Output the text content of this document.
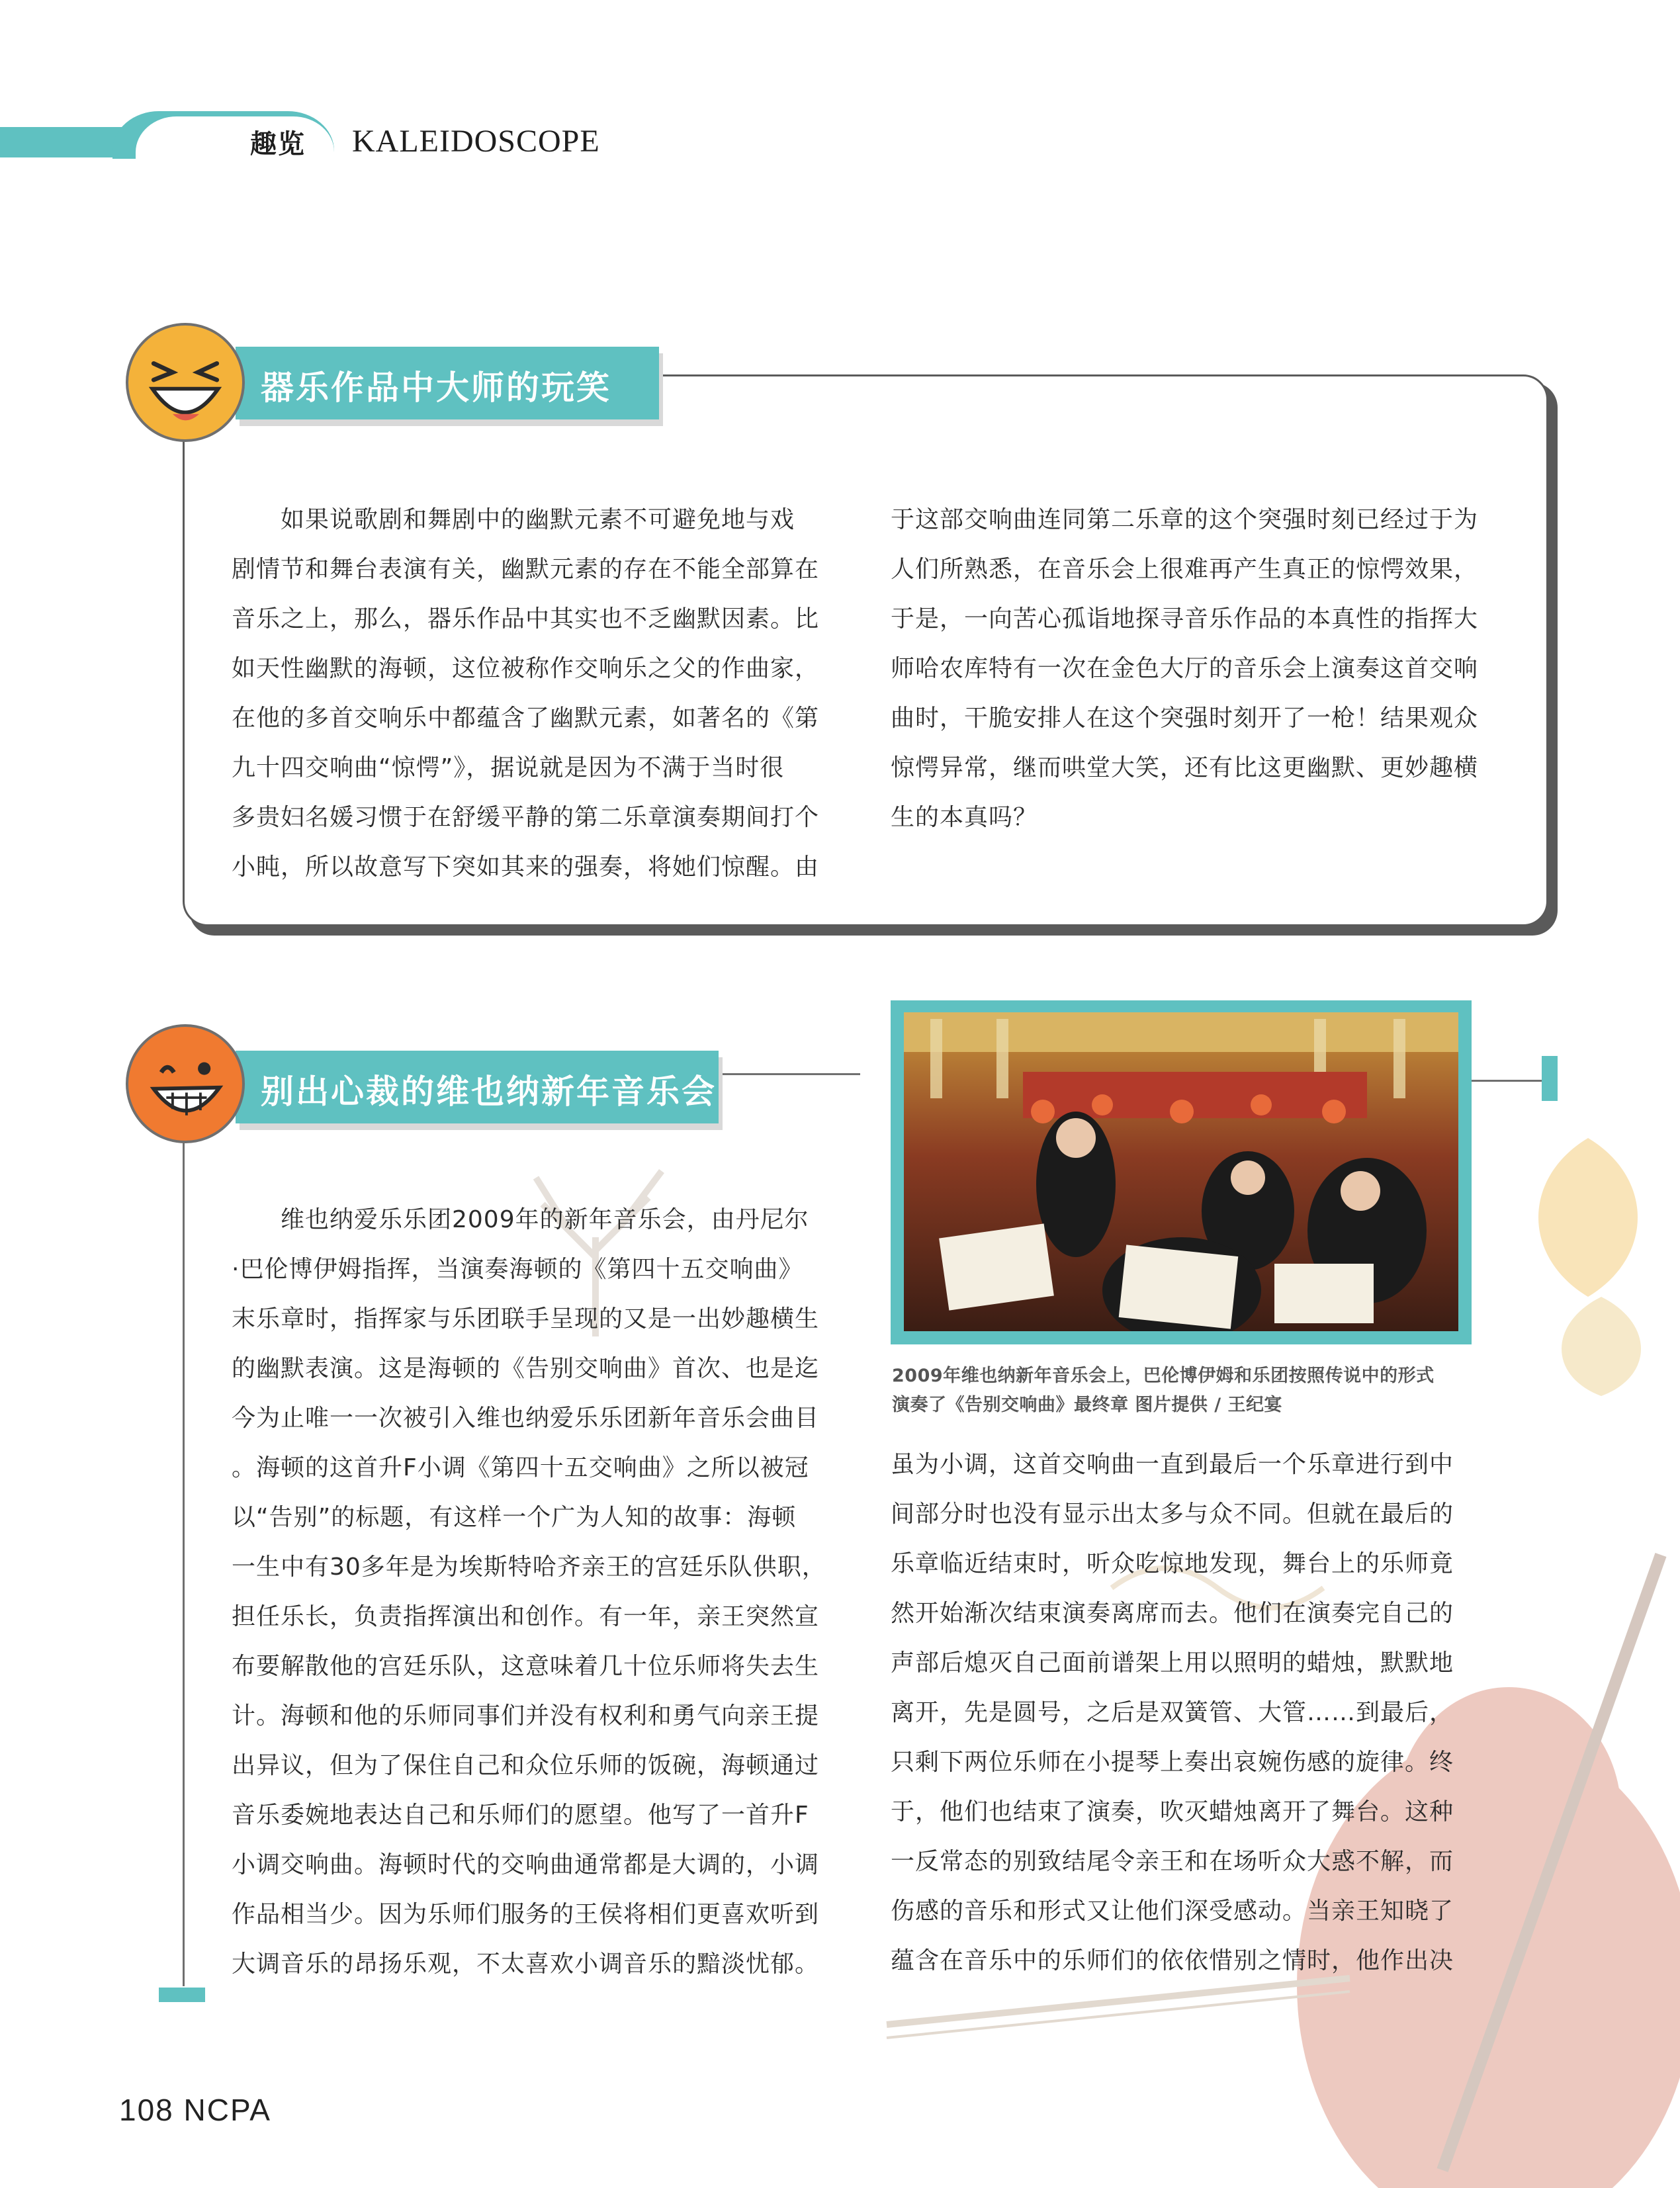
趣览 KALEIDOSCOPE
器乐作品中大师的玩笑

　　如果说歌剧和舞剧中的幽默元素不可避免地与戏

剧情节和舞台表演有关，幽默元素的存在不能全部算在

音乐之上，那么，器乐作品中其实也不乏幽默因素。比

如天性幽默的海顿，这位被称作交响乐之父的作曲家，

在他的多首交响乐中都蕴含了幽默元素，如著名的《第

九十四交响曲“惊愕”》，据说就是因为不满于当时很

多贵妇名媛习惯于在舒缓平静的第二乐章演奏期间打个

小盹，所以故意写下突如其来的强奏，将她们惊醒。由

于这部交响曲连同第二乐章的这个突强时刻已经过于为

人们所熟悉，在音乐会上很难再产生真正的惊愕效果，

于是，一向苦心孤诣地探寻音乐作品的本真性的指挥大

师哈农库特有一次在金色大厅的音乐会上演奏这首交响

曲时，干脆安排人在这个突强时刻开了一枪！结果观众

惊愕异常，继而哄堂大笑，还有比这更幽默、更妙趣横

生的本真吗？

别出心裁的维也纳新年音乐会
2009年维也纳新年音乐会上，巴伦博伊姆和乐团按照传说中的形式
演奏了《告别交响曲》最终章 图片提供 / 王纪宴

　　维也纳爱乐乐团2009年的新年音乐会，由丹尼尔

·巴伦博伊姆指挥，当演奏海顿的《第四十五交响曲》

末乐章时，指挥家与乐团联手呈现的又是一出妙趣横生

的幽默表演。这是海顿的《告别交响曲》首次、也是迄

今为止唯一一次被引入维也纳爱乐乐团新年音乐会曲目

。海顿的这首升F小调《第四十五交响曲》之所以被冠

以“告别”的标题，有这样一个广为人知的故事：海顿

一生中有30多年是为埃斯特哈齐亲王的宫廷乐队供职，

担任乐长，负责指挥演出和创作。有一年，亲王突然宣

布要解散他的宫廷乐队，这意味着几十位乐师将失去生

计。海顿和他的乐师同事们并没有权利和勇气向亲王提

出异议，但为了保住自己和众位乐师的饭碗，海顿通过

音乐委婉地表达自己和乐师们的愿望。他写了一首升F

小调交响曲。海顿时代的交响曲通常都是大调的，小调

作品相当少。因为乐师们服务的王侯将相们更喜欢听到

大调音乐的昂扬乐观，不太喜欢小调音乐的黯淡忧郁。

虽为小调，这首交响曲一直到最后一个乐章进行到中

间部分时也没有显示出太多与众不同。但就在最后的

乐章临近结束时，听众吃惊地发现，舞台上的乐师竟

然开始渐次结束演奏离席而去。他们在演奏完自己的

声部后熄灭自己面前谱架上用以照明的蜡烛，默默地

离开，先是圆号，之后是双簧管、大管……到最后，

只剩下两位乐师在小提琴上奏出哀婉伤感的旋律。终

于，他们也结束了演奏，吹灭蜡烛离开了舞台。这种

一反常态的别致结尾令亲王和在场听众大惑不解，而

伤感的音乐和形式又让他们深受感动。当亲王知晓了

蕴含在音乐中的乐师们的依依惜别之情时，他作出决

108 NCPA
